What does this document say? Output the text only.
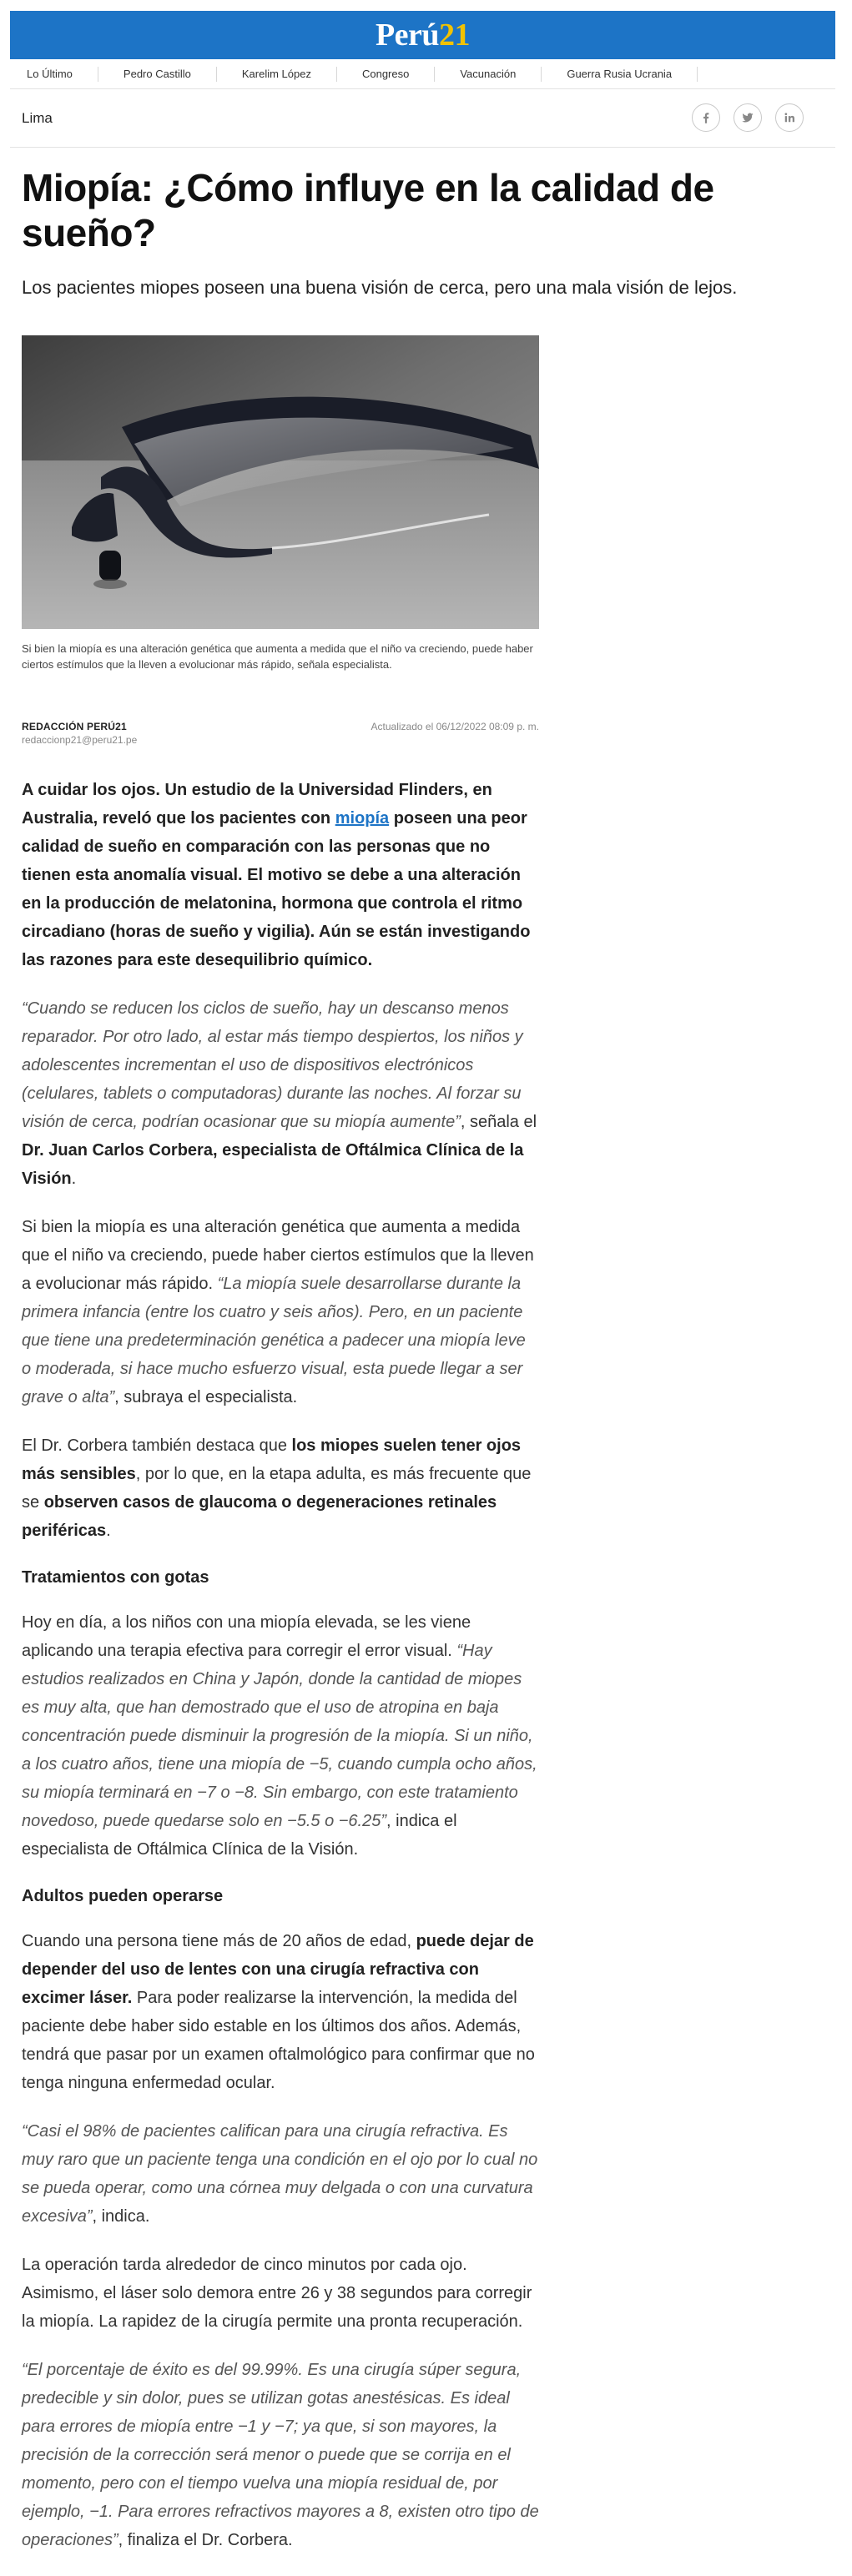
Perú21
Lo Último	Pedro Castillo	Karelim López	Congreso	Vacunación	Guerra Rusia Ucrania
Lima
Miopía: ¿Cómo influye en la calidad de sueño?

Los pacientes miopes poseen una buena visión de cerca, pero una mala visión de lejos.

Si bien la miopía es una alteración genética que aumenta a medida que el niño va creciendo, puede haber ciertos estímulos que la lleven a evolucionar más rápido, señala especialista.

REDACCIÓN PERÚ21
redaccionp21@peru21.pe
Actualizado el 06/12/2022 08:09 p. m.

A cuidar los ojos. Un estudio de la Universidad Flinders, en Australia, reveló que los pacientes con miopía poseen una peor calidad de sueño en comparación con las personas que no tienen esta anomalía visual. El motivo se debe a una alteración en la producción de melatonina, hormona que controla el ritmo circadiano (horas de sueño y vigilia). Aún se están investigando las razones para este desequilibrio químico.

“Cuando se reducen los ciclos de sueño, hay un descanso menos reparador. Por otro lado, al estar más tiempo despiertos, los niños y adolescentes incrementan el uso de dispositivos electrónicos (celulares, tablets o computadoras) durante las noches. Al forzar su visión de cerca, podrían ocasionar que su miopía aumente”, señala el Dr. Juan Carlos Corbera, especialista de Oftálmica Clínica de la Visión.

Si bien la miopía es una alteración genética que aumenta a medida que el niño va creciendo, puede haber ciertos estímulos que la lleven a evolucionar más rápido. “La miopía suele desarrollarse durante la primera infancia (entre los cuatro y seis años). Pero, en un paciente que tiene una predeterminación genética a padecer una miopía leve o moderada, si hace mucho esfuerzo visual, esta puede llegar a ser grave o alta”, subraya el especialista.

El Dr. Corbera también destaca que los miopes suelen tener ojos más sensibles, por lo que, en la etapa adulta, es más frecuente que se observen casos de glaucoma o degeneraciones retinales periféricas.

Tratamientos con gotas

Hoy en día, a los niños con una miopía elevada, se les viene aplicando una terapia efectiva para corregir el error visual. “Hay estudios realizados en China y Japón, donde la cantidad de miopes es muy alta, que han demostrado que el uso de atropina en baja concentración puede disminuir la progresión de la miopía. Si un niño, a los cuatro años, tiene una miopía de −5, cuando cumpla ocho años, su miopía terminará en −7 o −8. Sin embargo, con este tratamiento novedoso, puede quedarse solo en −5.5 o −6.25”, indica el especialista de Oftálmica Clínica de la Visión.

Adultos pueden operarse

Cuando una persona tiene más de 20 años de edad, puede dejar de depender del uso de lentes con una cirugía refractiva con excimer láser. Para poder realizarse la intervención, la medida del paciente debe haber sido estable en los últimos dos años. Además, tendrá que pasar por un examen oftalmológico para confirmar que no tenga ninguna enfermedad ocular.

“Casi el 98% de pacientes califican para una cirugía refractiva. Es muy raro que un paciente tenga una condición en el ojo por lo cual no se pueda operar, como una córnea muy delgada o con una curvatura excesiva”, indica.

La operación tarda alrededor de cinco minutos por cada ojo. Asimismo, el láser solo demora entre 26 y 38 segundos para corregir la miopía. La rapidez de la cirugía permite una pronta recuperación.

“El porcentaje de éxito es del 99.99%. Es una cirugía súper segura, predecible y sin dolor, pues se utilizan gotas anestésicas. Es ideal para errores de miopía entre −1 y −7; ya que, si son mayores, la precisión de la corrección será menor o puede que se corrija en el momento, pero con el tiempo vuelva una miopía residual de, por ejemplo, −1. Para errores refractivos mayores a 8, existen otro tipo de operaciones”, finaliza el Dr. Corbera.
